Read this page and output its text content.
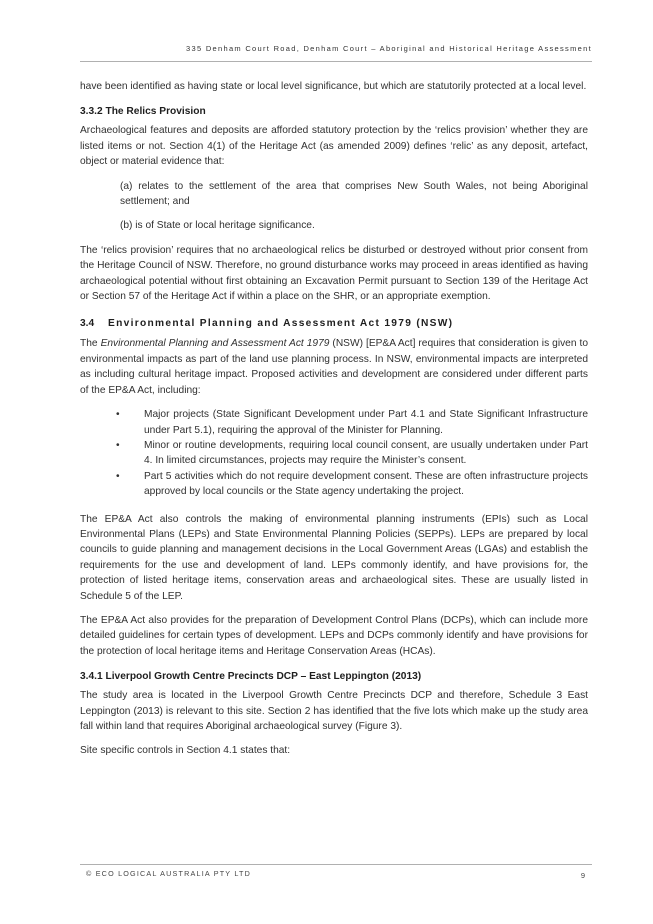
335 Denham Court Road, Denham Court – Aboriginal and Historical Heritage Assessment

have been identified as having state or local level significance, but which are statutorily protected at a local level.

3.3.2 The Relics Provision

Archaeological features and deposits are afforded statutory protection by the ‘relics provision’ whether they are listed items or not. Section 4(1) of the Heritage Act (as amended 2009) defines ‘relic’ as any deposit, artefact, object or material evidence that:

(a) relates to the settlement of the area that comprises New South Wales, not being Aboriginal settlement; and

(b) is of State or local heritage significance.

The ‘relics provision’ requires that no archaeological relics be disturbed or destroyed without prior consent from the Heritage Council of NSW. Therefore, no ground disturbance works may proceed in areas identified as having archaeological potential without first obtaining an Excavation Permit pursuant to Section 139 of the Heritage Act or Section 57 of the Heritage Act if within a place on the SHR, or an appropriate exemption.

3.4 Environmental Planning and Assessment Act 1979 (NSW)

The Environmental Planning and Assessment Act 1979 (NSW) [EP&A Act] requires that consideration is given to environmental impacts as part of the land use planning process. In NSW, environmental impacts are interpreted as including cultural heritage impact. Proposed activities and development are considered under different parts of the EP&A Act, including:

• Major projects (State Significant Development under Part 4.1 and State Significant Infrastructure under Part 5.1), requiring the approval of the Minister for Planning.
• Minor or routine developments, requiring local council consent, are usually undertaken under Part 4. In limited circumstances, projects may require the Minister’s consent.
• Part 5 activities which do not require development consent. These are often infrastructure projects approved by local councils or the State agency undertaking the project.

The EP&A Act also controls the making of environmental planning instruments (EPIs) such as Local Environmental Plans (LEPs) and State Environmental Planning Policies (SEPPs). LEPs are prepared by local councils to guide planning and management decisions in the Local Government Areas (LGAs) and establish the requirements for the use and development of land. LEPs commonly identify, and have provisions for, the protection of listed heritage items, conservation areas and archaeological sites. These are usually listed in Schedule 5 of the LEP.

The EP&A Act also provides for the preparation of Development Control Plans (DCPs), which can include more detailed guidelines for certain types of development. LEPs and DCPs commonly identify and have provisions for the protection of local heritage items and Heritage Conservation Areas (HCAs).

3.4.1 Liverpool Growth Centre Precincts DCP – East Leppington (2013)

The study area is located in the Liverpool Growth Centre Precincts DCP and therefore, Schedule 3 East Leppington (2013) is relevant to this site. Section 2 has identified that the five lots which make up the study area fall within land that requires Aboriginal archaeological survey (Figure 3).

Site specific controls in Section 4.1 states that:

© ECO LOGICAL AUSTRALIA PTY LTD	9
